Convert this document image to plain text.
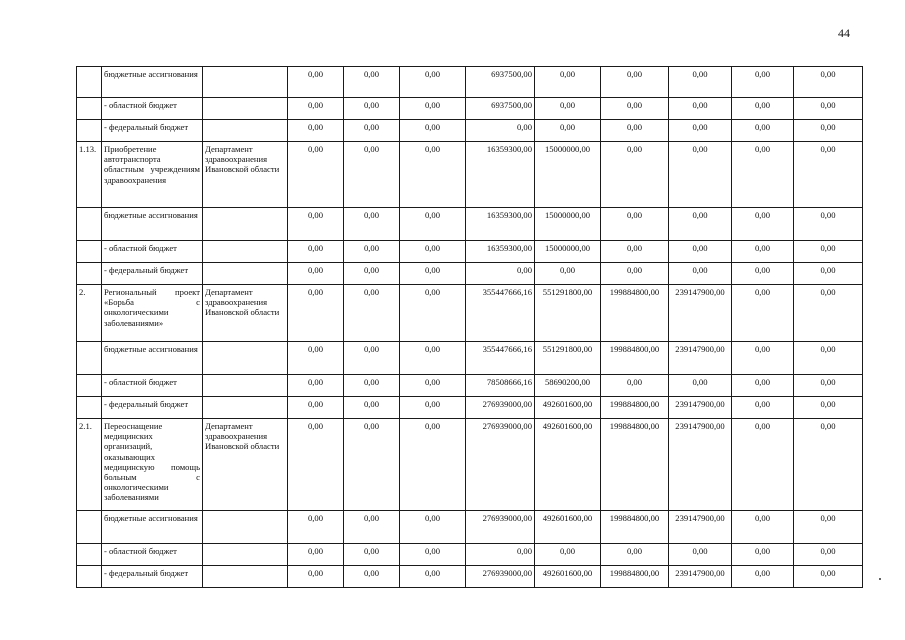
44
	бюджетные ассигнования		0,00	0,00	0,00	6937500,00	0,00	0,00	0,00	0,00	0,00
	- областной бюджет		0,00	0,00	0,00	6937500,00	0,00	0,00	0,00	0,00	0,00
	- федеральный бюджет		0,00	0,00	0,00	0,00	0,00	0,00	0,00	0,00	0,00
1.13.	Приобретение автотранспорта областным учреждениям здравоохранения	Департамент здравоохранения Ивановской области	0,00	0,00	0,00	16359300,00	15000000,00	0,00	0,00	0,00	0,00
	бюджетные ассигнования		0,00	0,00	0,00	16359300,00	15000000,00	0,00	0,00	0,00	0,00
	- областной бюджет		0,00	0,00	0,00	16359300,00	15000000,00	0,00	0,00	0,00	0,00
	- федеральный бюджет		0,00	0,00	0,00	0,00	0,00	0,00	0,00	0,00	0,00
2.	Региональный проект «Борьба с онкологическими заболеваниями»	Департамент здравоохранения Ивановской области	0,00	0,00	0,00	355447666,16	551291800,00	199884800,00	239147900,00	0,00	0,00
	бюджетные ассигнования		0,00	0,00	0,00	355447666,16	551291800,00	199884800,00	239147900,00	0,00	0,00
	- областной бюджет		0,00	0,00	0,00	78508666,16	58690200,00	0,00	0,00	0,00	0,00
	- федеральный бюджет		0,00	0,00	0,00	276939000,00	492601600,00	199884800,00	239147900,00	0,00	0,00
2.1.	Переоснащение медицинских организаций, оказывающих медицинскую помощь больным с онкологическими заболеваниями	Департамент здравоохранения Ивановской области	0,00	0,00	0,00	276939000,00	492601600,00	199884800,00	239147900,00	0,00	0,00
	бюджетные ассигнования		0,00	0,00	0,00	276939000,00	492601600,00	199884800,00	239147900,00	0,00	0,00
	- областной бюджет		0,00	0,00	0,00	0,00	0,00	0,00	0,00	0,00	0,00
	- федеральный бюджет		0,00	0,00	0,00	276939000,00	492601600,00	199884800,00	239147900,00	0,00	0,00
